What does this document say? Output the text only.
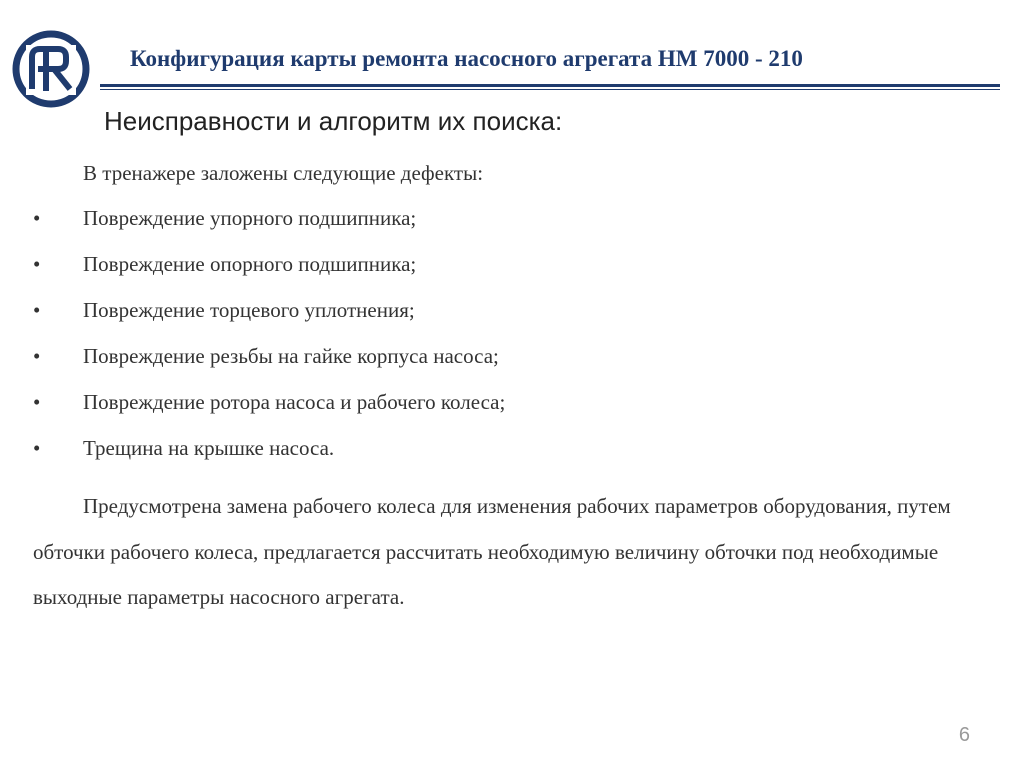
Конфигурация карты ремонта насосного агрегата НМ 7000 - 210
Неисправности и алгоритм их поиска:
В тренажере заложены следующие дефекты:
• Повреждение упорного подшипника;
• Повреждение опорного подшипника;
• Повреждение торцевого уплотнения;
• Повреждение резьбы на гайке корпуса насоса;
• Повреждение ротора насоса и рабочего колеса;
• Трещина на крышке насоса.

Предусмотрена замена рабочего колеса для изменения рабочих параметров оборудования, путем обточки рабочего колеса, предлагается рассчитать необходимую величину обточки под необходимые выходные параметры насосного агрегата.

6
